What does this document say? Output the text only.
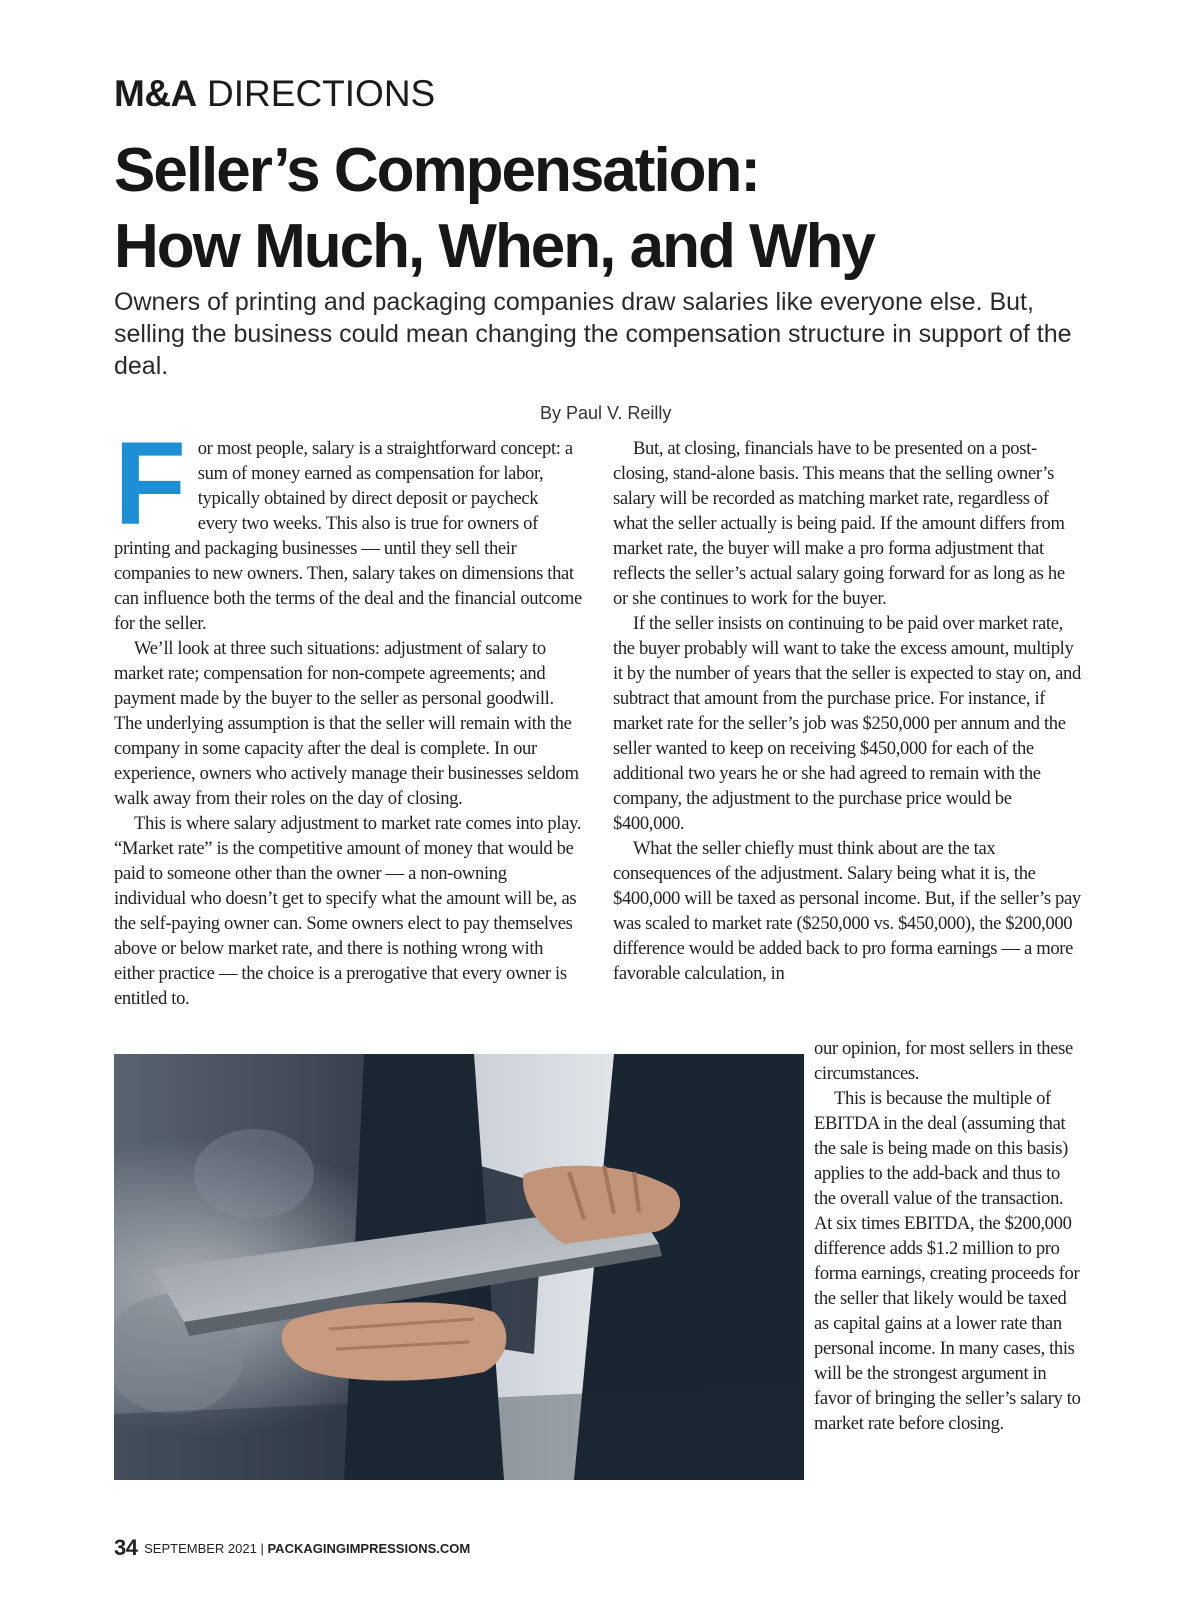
M&A DIRECTIONS
Seller’s Compensation:
How Much, When, and Why

Owners of printing and packaging companies draw salaries like everyone else. But, selling the business could mean changing the compensation structure in support of the deal.

By Paul V. Reilly
F or most people, salary is a straightforward concept: a sum of money earned as compensation for labor, typically obtained by direct deposit or paycheck every two weeks. This also is true for owners of printing and packaging businesses — until they sell their companies to new owners. Then, salary takes on dimensions that can influence both the terms of the deal and the financial outcome for the seller.

We’ll look at three such situations: adjustment of salary to market rate; compensation for non-compete agreements; and payment made by the buyer to the seller as personal goodwill. The underlying assumption is that the seller will remain with the company in some capacity after the deal is complete. In our experience, owners who actively manage their businesses seldom walk away from their roles on the day of closing.

This is where salary adjustment to market rate comes into play. “Market rate” is the competitive amount of money that would be paid to someone other than the owner — a non-owning individual who doesn’t get to specify what the amount will be, as the self-paying owner can. Some owners elect to pay themselves above or below market rate, and there is nothing wrong with either practice — the choice is a prerogative that every owner is entitled to.

But, at closing, financials have to be presented on a post-closing, stand-alone basis. This means that the selling owner’s salary will be recorded as matching market rate, regardless of what the seller actually is being paid. If the amount differs from market rate, the buyer will make a pro forma adjustment that reflects the seller’s actual salary going forward for as long as he or she continues to work for the buyer.

If the seller insists on continuing to be paid over market rate, the buyer probably will want to take the excess amount, multiply it by the number of years that the seller is expected to stay on, and subtract that amount from the purchase price. For instance, if market rate for the seller’s job was $250,000 per annum and the seller wanted to keep on receiving $450,000 for each of the additional two years he or she had agreed to remain with the company, the adjustment to the purchase price would be $400,000.

What the seller chiefly must think about are the tax consequences of the adjustment. Salary being what it is, the $400,000 will be taxed as personal income. But, if the seller’s pay was scaled to market rate ($250,000 vs. $450,000), the $200,000 difference would be added back to pro forma earnings — a more favorable calculation, in

our opinion, for most sellers in these circumstances.

This is because the multiple of EBITDA in the deal (assuming that the sale is being made on this basis) applies to the add-back and thus to the overall value of the transaction. At six times EBITDA, the $200,000 difference adds $1.2 million to pro forma earnings, creating proceeds for the seller that likely would be taxed as capital gains at a lower rate than personal income. In many cases, this will be the strongest argument in favor of bringing the seller’s salary to market rate before closing.

34 SEPTEMBER 2021 | PACKAGINGIMPRESSIONS.COM
